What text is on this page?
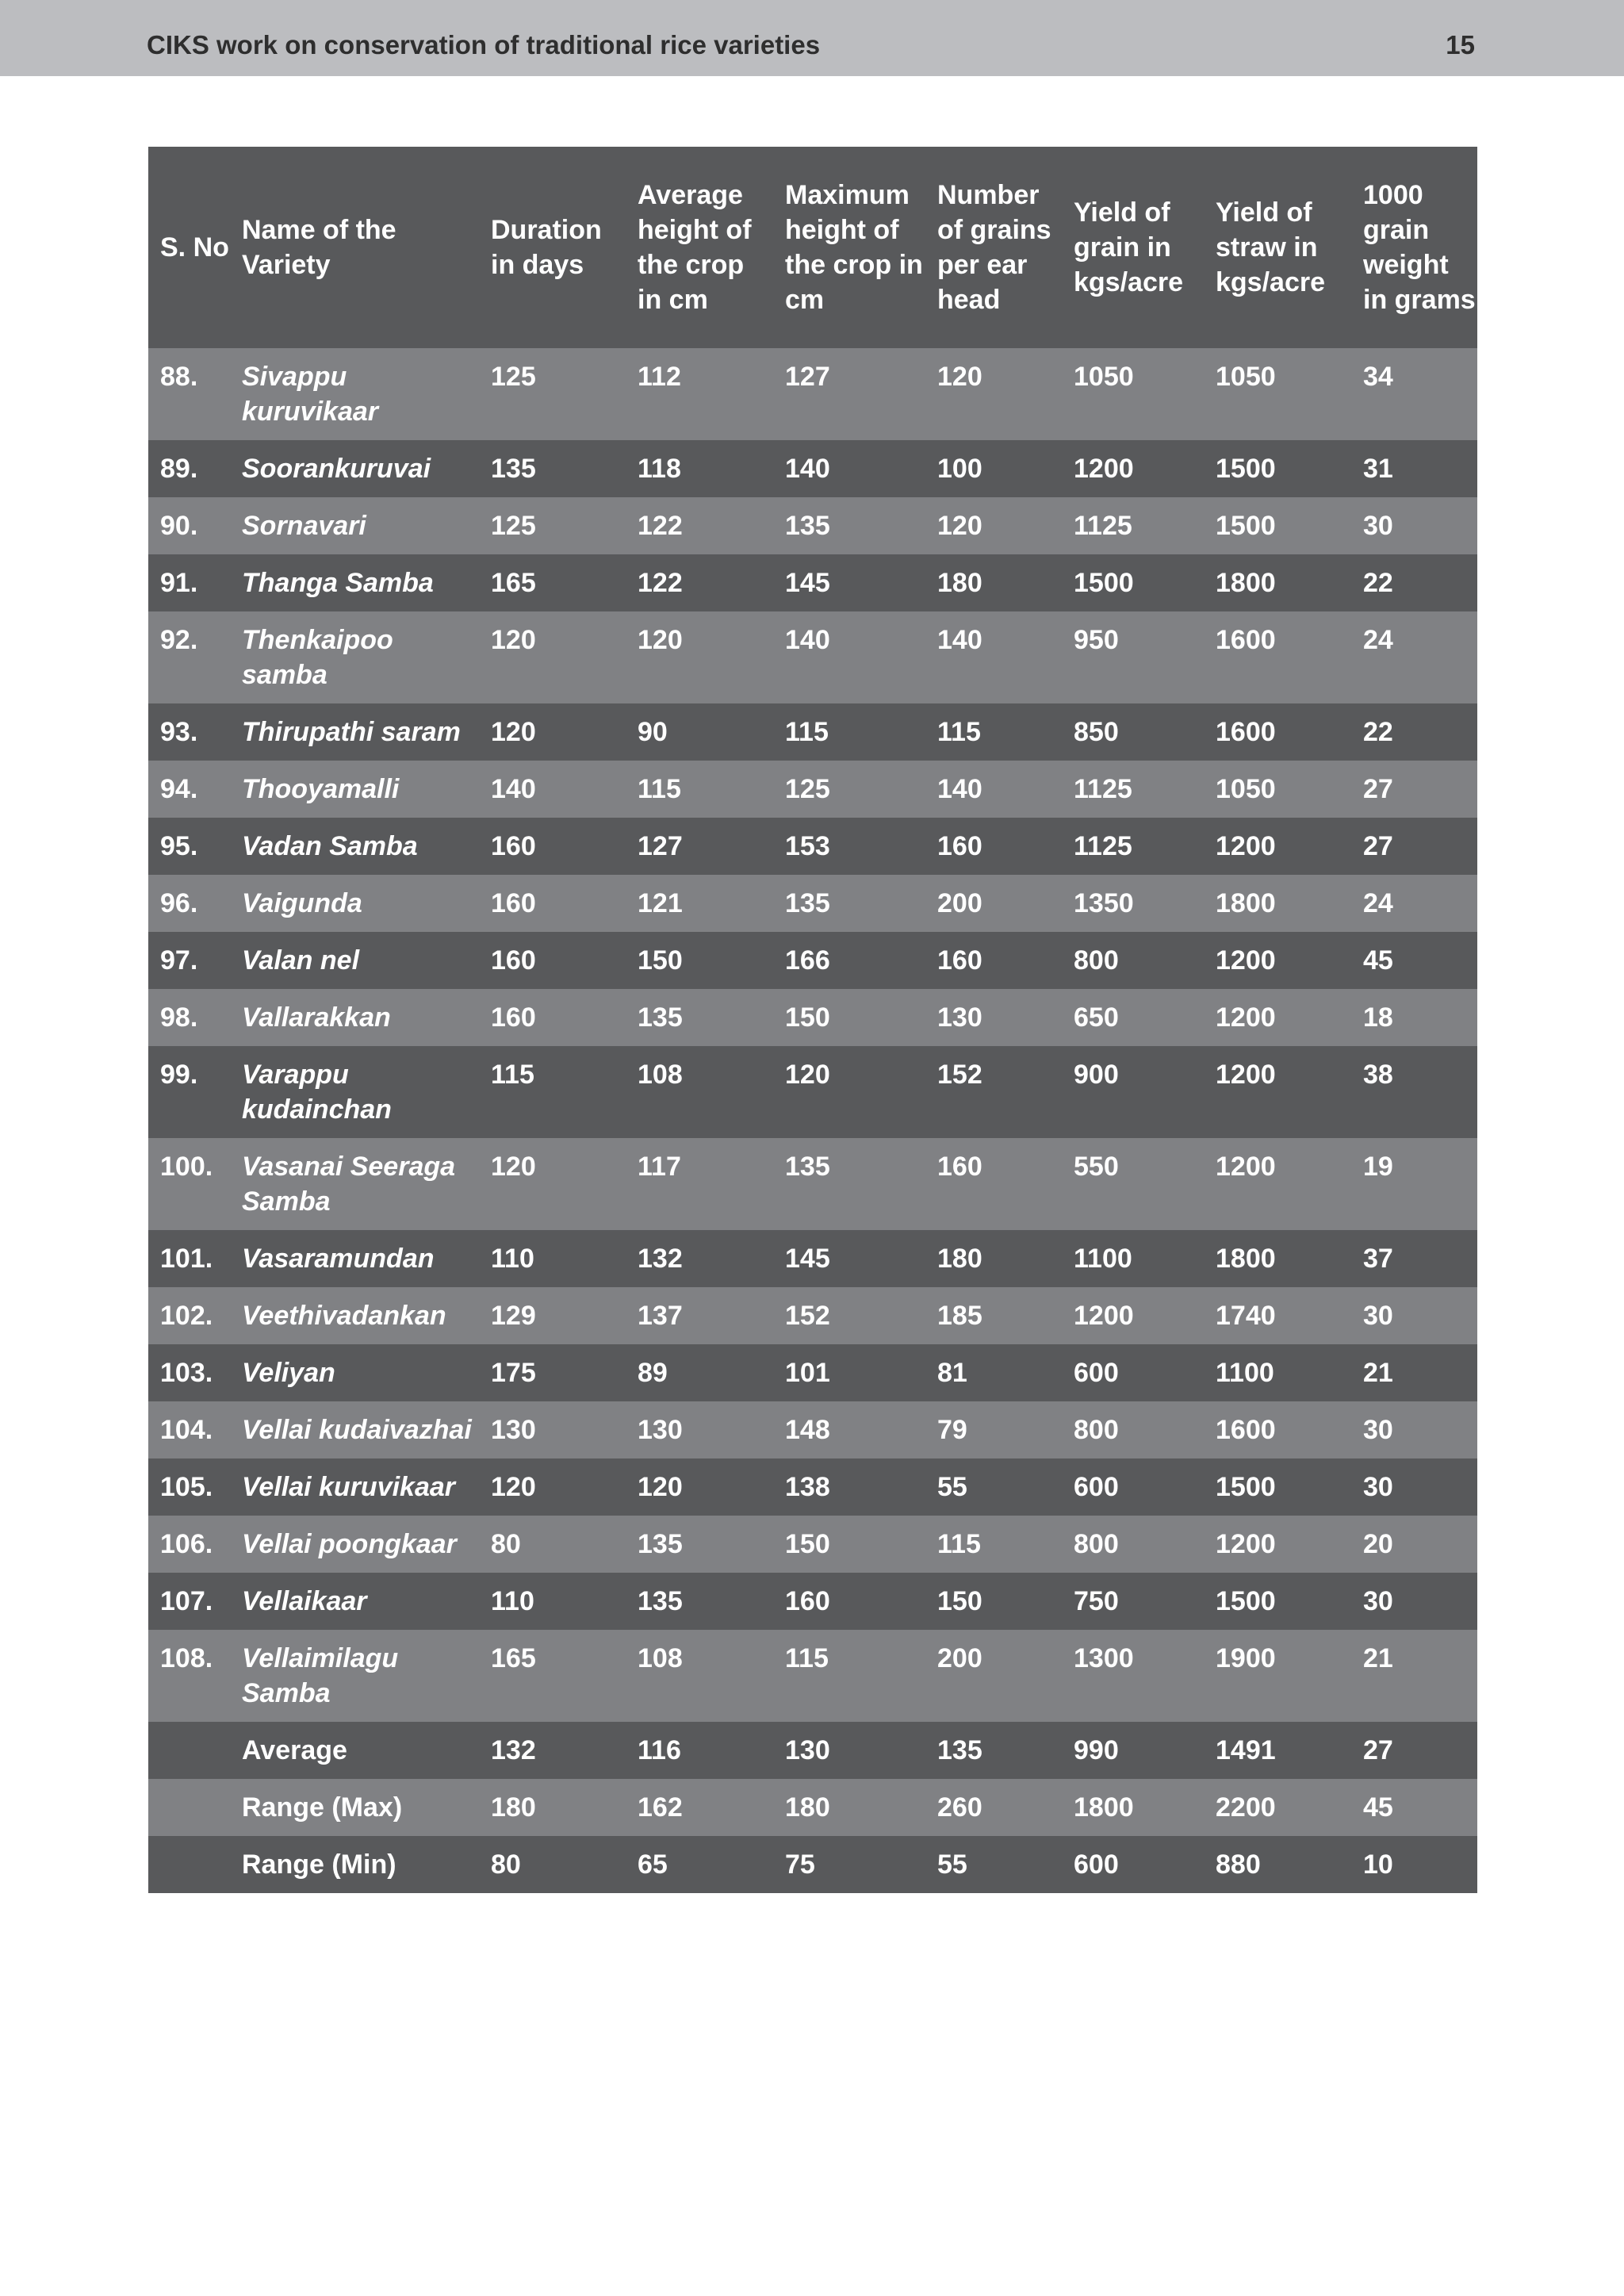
CIKS work on conservation of traditional rice varieties	15
S. No	Name of the Variety	Duration in days	Average height of the crop in cm	Maximum height of the crop in cm	Number of grains per ear head	Yield of grain in kgs/acre	Yield of straw in kgs/acre	1000 grain weight in grams
88.	Sivappu kuruvikaar	125	112	127	120	1050	1050	34
89.	Soorankuruvai	135	118	140	100	1200	1500	31
90.	Sornavari	125	122	135	120	1125	1500	30
91.	Thanga Samba	165	122	145	180	1500	1800	22
92.	Thenkaipoo samba	120	120	140	140	950	1600	24
93.	Thirupathi saram	120	90	115	115	850	1600	22
94.	Thooyamalli	140	115	125	140	1125	1050	27
95.	Vadan Samba	160	127	153	160	1125	1200	27
96.	Vaigunda	160	121	135	200	1350	1800	24
97.	Valan nel	160	150	166	160	800	1200	45
98.	Vallarakkan	160	135	150	130	650	1200	18
99.	Varappu kudainchan	115	108	120	152	900	1200	38
100.	Vasanai Seeraga Samba	120	117	135	160	550	1200	19
101.	Vasaramundan	110	132	145	180	1100	1800	37
102.	Veethivadankan	129	137	152	185	1200	1740	30
103.	Veliyan	175	89	101	81	600	1100	21
104.	Vellai kudaivazhai	130	130	148	79	800	1600	30
105.	Vellai kuruvikaar	120	120	138	55	600	1500	30
106.	Vellai poongkaar	80	135	150	115	800	1200	20
107.	Vellaikaar	110	135	160	150	750	1500	30
108.	Vellaimilagu Samba	165	108	115	200	1300	1900	21
	Average	132	116	130	135	990	1491	27
	Range (Max)	180	162	180	260	1800	2200	45
	Range (Min)	80	65	75	55	600	880	10
